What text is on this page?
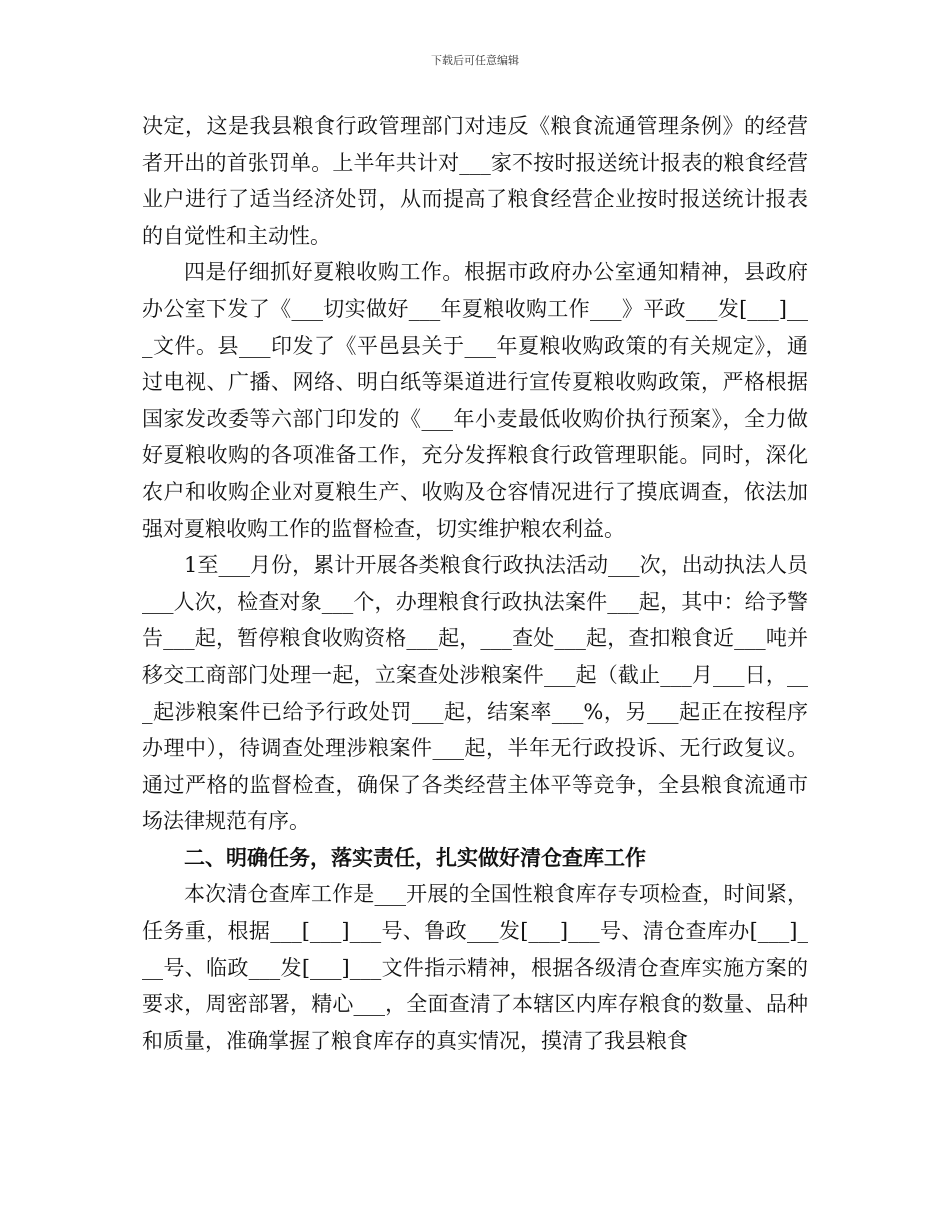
下载后可任意编辑

决定，这是我县粮食行政管理部门对违反《粮食流通管理条例》的经营者开出的首张罚单。上半年共计对___家不按时报送统计报表的粮食经营业户进行了适当经济处罚，从而提高了粮食经营企业按时报送统计报表的自觉性和主动性。

四是仔细抓好夏粮收购工作。根据市政府办公室通知精神，县政府办公室下发了《___切实做好___年夏粮收购工作___》平政___发[___]___文件。县___印发了《平邑县关于___年夏粮收购政策的有关规定》，通过电视、广播、网络、明白纸等渠道进行宣传夏粮收购政策，严格根据国家发改委等六部门印发的《___年小麦最低收购价执行预案》，全力做好夏粮收购的各项准备工作，充分发挥粮食行政管理职能。同时，深化农户和收购企业对夏粮生产、收购及仓容情况进行了摸底调查，依法加强对夏粮收购工作的监督检查，切实维护粮农利益。

1至___月份，累计开展各类粮食行政执法活动___次，出动执法人员___人次，检查对象___个，办理粮食行政执法案件___起，其中：给予警告___起，暂停粮食收购资格___起，___查处___起，查扣粮食近___吨并移交工商部门处理一起，立案查处涉粮案件___起（截止___月___日，___起涉粮案件已给予行政处罚___起，结案率___%，另___起正在按程序办理中），待调查处理涉粮案件___起，半年无行政投诉、无行政复议。通过严格的监督检查，确保了各类经营主体平等竞争，全县粮食流通市场法律规范有序。

二、明确任务，落实责任，扎实做好清仓查库工作

本次清仓查库工作是___开展的全国性粮食库存专项检查，时间紧，任务重，根据___[___]___号、鲁政___发[___]___号、清仓查库办[___]___号、临政___发[___]___文件指示精神，根据各级清仓查库实施方案的要求，周密部署，精心___，全面查清了本辖区内库存粮食的数量、品种和质量，准确掌握了粮食库存的真实情况，摸清了我县粮食
